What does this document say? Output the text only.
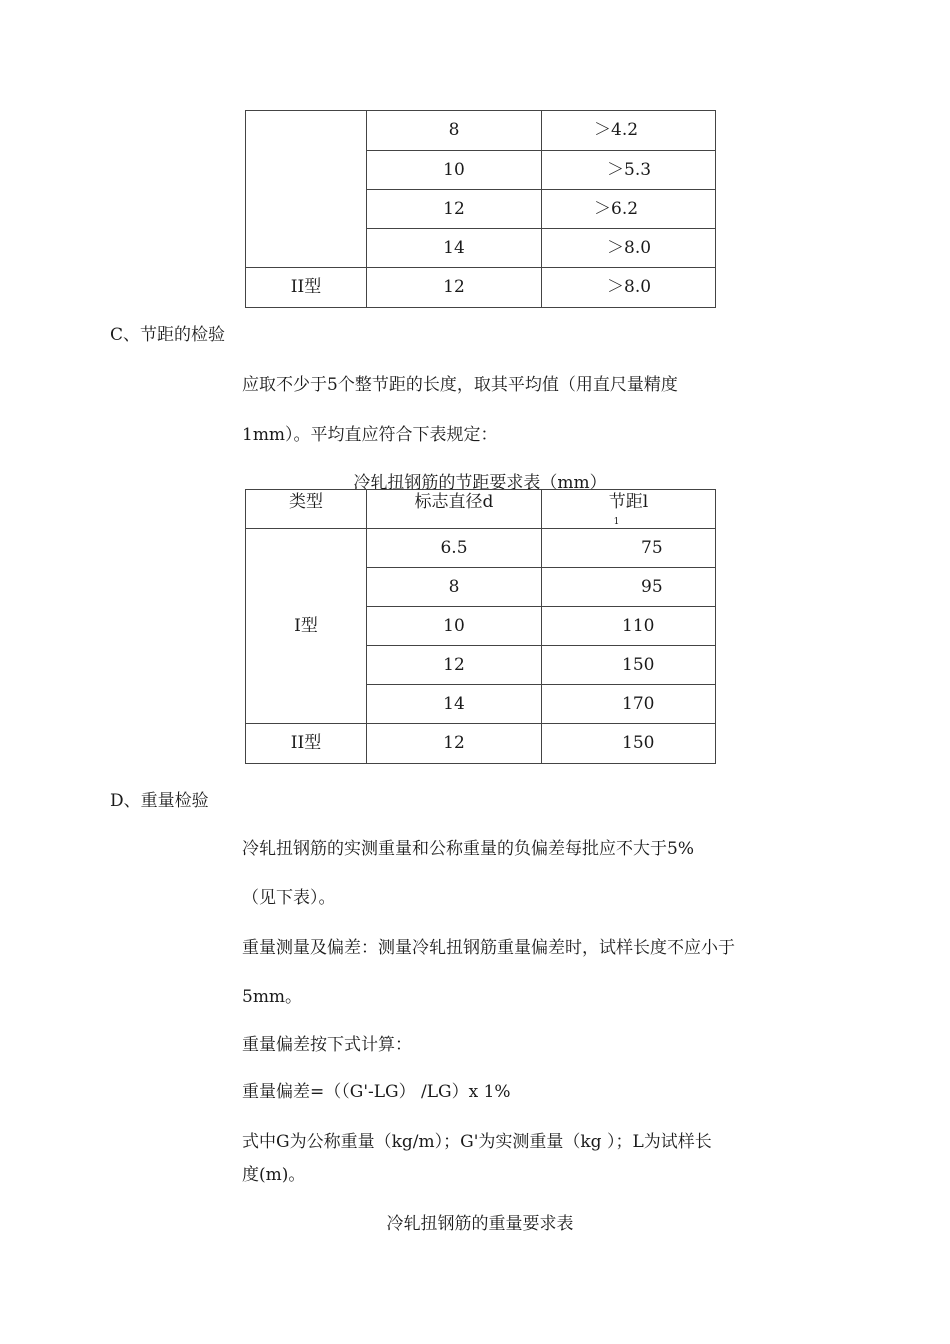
	8	＞4.2
	10	＞5.3
	12	＞6.2
	14	＞8.0
II型	12	＞8.0
C、节距的检验
应取不少于5个整节距的长度，取其平均值（用直尺量精度
1mm）。平均直应符合下表规定：
冷轧扭钢筋的节距要求表（mm）
类型	标志直径d	节距l
1
I型	6.5	75
	8	95
	10	110
	12	150
	14	170
II型	12	150
D、重量检验
冷轧扭钢筋的实测重量和公称重量的负偏差每批应不大于5%
（见下表）。
重量测量及偏差：测量冷轧扭钢筋重量偏差时，试样长度不应小于
5mm。
重量偏差按下式计算：
重量偏差=（（G'-LG） /LG）x 1%
式中G为公称重量（kg/m）；G'为实测重量（kg ）；L为试样长
度(m)。
冷轧扭钢筋的重量要求表
